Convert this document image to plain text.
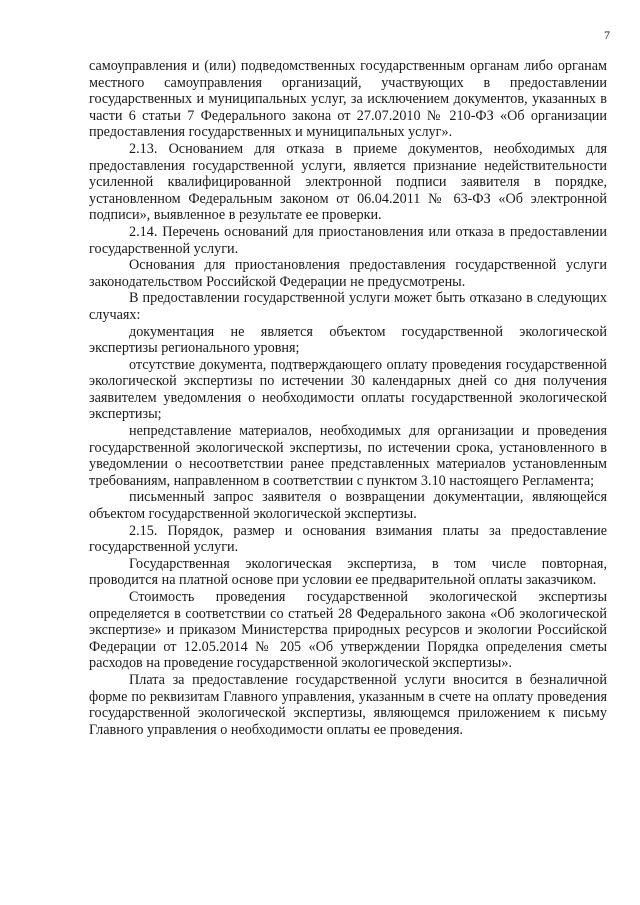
7

самоуправления и (или) подведомственных государственным органам либо органам местного самоуправления организаций, участвующих в предоставлении государственных и муниципальных услуг, за исключением документов, указанных в части 6 статьи 7 Федерального закона от 27.07.2010 № 210-ФЗ «Об организации предоставления государственных и муниципальных услуг».

2.13. Основанием для отказа в приеме документов, необходимых для предоставления государственной услуги, является признание недействительности усиленной квалифицированной электронной подписи заявителя в порядке, установленном Федеральным законом от 06.04.2011 № 63-ФЗ «Об электронной подписи», выявленное в результате ее проверки.

2.14. Перечень оснований для приостановления или отказа в предоставлении государственной услуги.

Основания для приостановления предоставления государственной услуги законодательством Российской Федерации не предусмотрены.

В предоставлении государственной услуги может быть отказано в следующих случаях:

документация не является объектом государственной экологической экспертизы регионального уровня;

отсутствие документа, подтверждающего оплату проведения государственной экологической экспертизы по истечении 30 календарных дней со дня получения заявителем уведомления о необходимости оплаты государственной экологической экспертизы;

непредставление материалов, необходимых для организации и проведения государственной экологической экспертизы, по истечении срока, установленного в уведомлении о несоответствии ранее представленных материалов установленным требованиям, направленном в соответствии с пунктом 3.10 настоящего Регламента;

письменный запрос заявителя о возвращении документации, являющейся объектом государственной экологической экспертизы.

2.15. Порядок, размер и основания взимания платы за предоставление государственной услуги.

Государственная экологическая экспертиза, в том числе повторная, проводится на платной основе при условии ее предварительной оплаты заказчиком.

Стоимость проведения государственной экологической экспертизы определяется в соответствии со статьей 28 Федерального закона «Об экологической экспертизе» и приказом Министерства природных ресурсов и экологии Российской Федерации от 12.05.2014 № 205 «Об утверждении Порядка определения сметы расходов на проведение государственной экологической экспертизы».

Плата за предоставление государственной услуги вносится в безналичной форме по реквизитам Главного управления, указанным в счете на оплату проведения государственной экологической экспертизы, являющемся приложением к письму Главного управления о необходимости оплаты ее проведения.
